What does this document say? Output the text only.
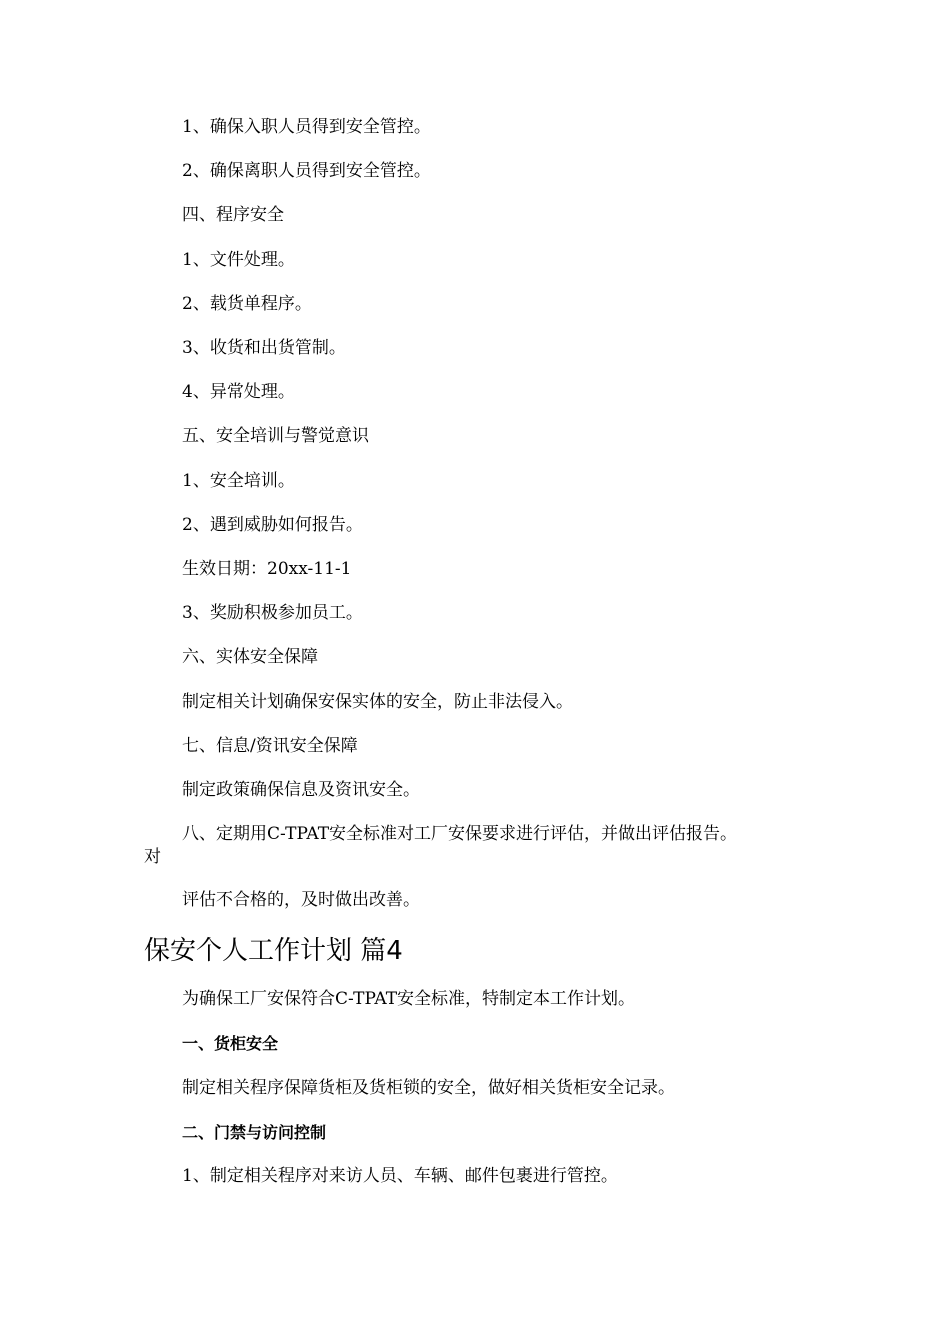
1、确保入职人员得到安全管控。
2、确保离职人员得到安全管控。
四、程序安全
1、文件处理。
2、载货单程序。
3、收货和出货管制。
4、异常处理。
五、安全培训与警觉意识
1、安全培训。
2、遇到威胁如何报告。
生效日期：20xx-11-1
3、奖励积极参加员工。
六、实体安全保障
制定相关计划确保安保实体的安全，防止非法侵入。
七、信息/资讯安全保障
制定政策确保信息及资讯安全。
八、定期用C-TPAT安全标准对工厂安保要求进行评估，并做出评估报告。
对
评估不合格的，及时做出改善。
保安个人工作计划 篇4
为确保工厂安保符合C-TPAT安全标准，特制定本工作计划。
一、货柜安全
制定相关程序保障货柜及货柜锁的安全，做好相关货柜安全记录。
二、门禁与访问控制
1、制定相关程序对来访人员、车辆、邮件包裹进行管控。
